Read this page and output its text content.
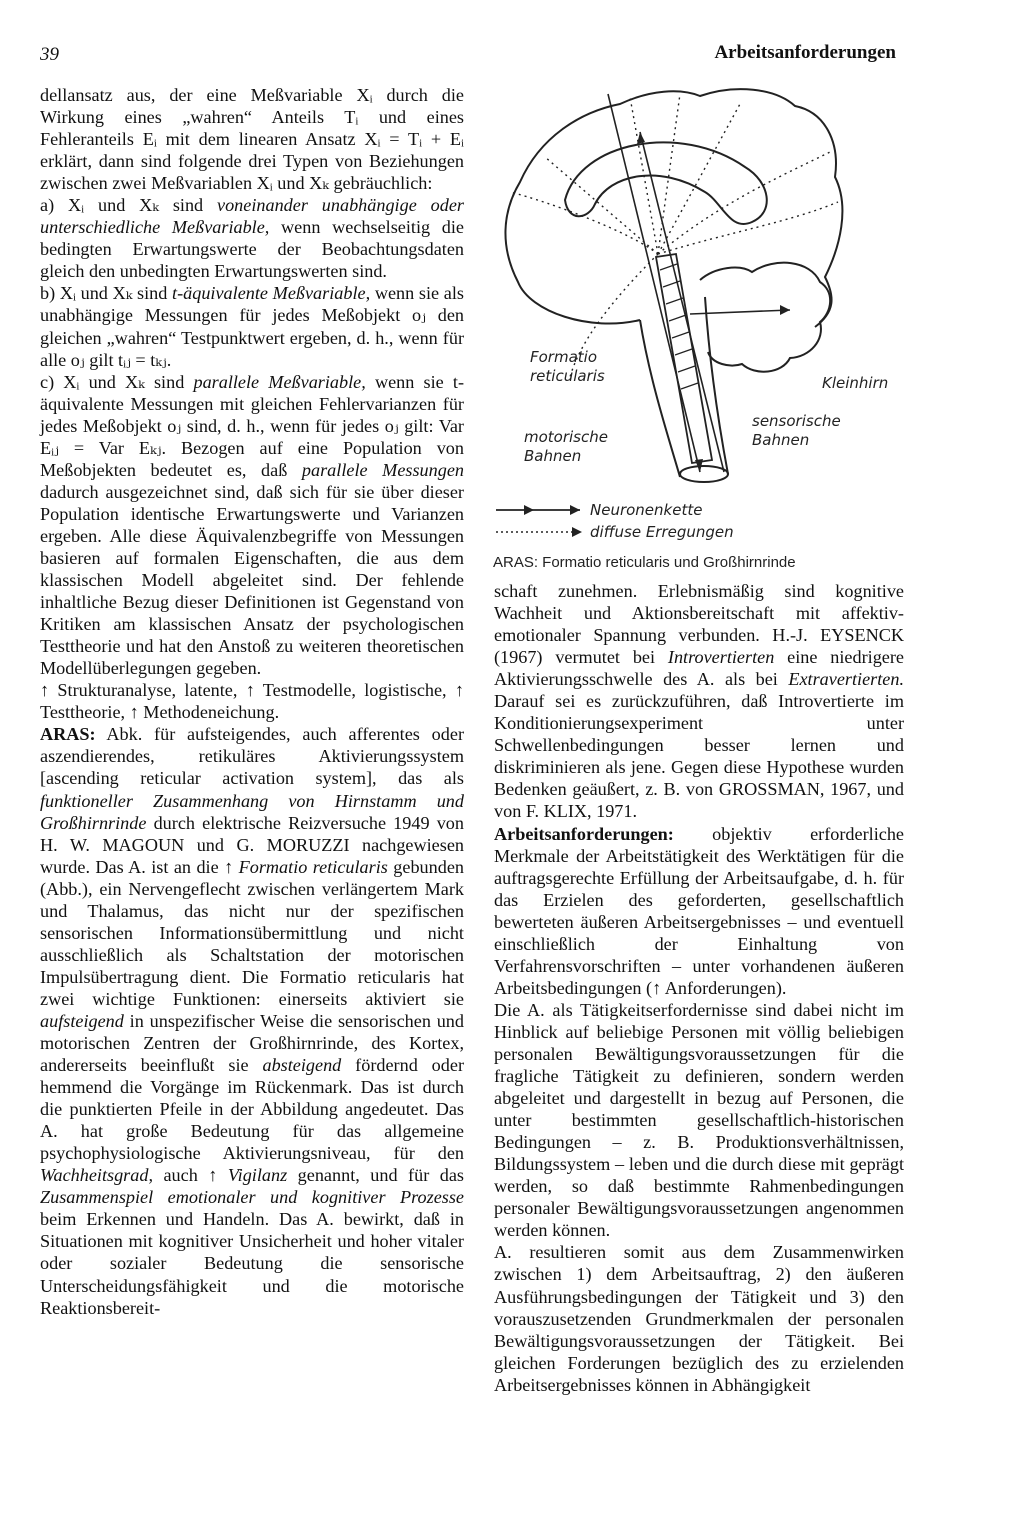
39	Arbeitsanforderungen

dellansatz aus, der eine Meßvariable Xᵢ durch die Wirkung eines „wahren“ Anteils Tᵢ und eines Fehleranteils Eᵢ mit dem linearen Ansatz Xᵢ = Tᵢ + Eᵢ erklärt, dann sind folgende drei Typen von Beziehungen zwischen zwei Meßvariablen Xᵢ und Xₖ gebräuchlich:

a) Xᵢ und Xₖ sind voneinander unabhängige oder unterschiedliche Meßvariable, wenn wechselseitig die bedingten Erwartungswerte der Beobachtungsdaten gleich den unbedingten Erwartungswerten sind.

b) Xᵢ und Xₖ sind t-äquivalente Meßvariable, wenn sie als unabhängige Messungen für jedes Meßobjekt oⱼ den gleichen „wahren“ Testpunktwert ergeben, d. h., wenn für alle oⱼ gilt tᵢⱼ = tₖⱼ.

c) Xᵢ und Xₖ sind parallele Meßvariable, wenn sie t-äquivalente Messungen mit gleichen Fehlervarianzen für jedes Meßobjekt oⱼ sind, d. h., wenn für jedes oⱼ gilt: Var Eᵢⱼ = Var Eₖⱼ. Bezogen auf eine Population von Meßobjekten bedeutet es, daß parallele Messungen dadurch ausgezeichnet sind, daß sich für sie über dieser Population identische Erwartungswerte und Varianzen ergeben. Alle diese Äquivalenzbegriffe von Messungen basieren auf formalen Eigenschaften, die aus dem klassischen Modell abgeleitet sind. Der fehlende inhaltliche Bezug dieser Definitionen ist Gegenstand von Kritiken am klassischen Ansatz der psychologischen Testtheorie und hat den Anstoß zu weiteren theoretischen Modellüberlegungen gegeben.

↑ Strukturanalyse, latente, ↑ Testmodelle, logistische, ↑ Testtheorie, ↑ Methodeneichung.

ARAS: Abk. für aufsteigendes, auch afferentes oder aszendierendes, retikuläres Aktivierungssystem [ascending reticular activation system], das als funktioneller Zusammenhang von Hirnstamm und Großhirnrinde durch elektrische Reizversuche 1949 von H. W. MAGOUN und G. MORUZZI nachgewiesen wurde. Das A. ist an die ↑ Formatio reticularis gebunden (Abb.), ein Nervengeflecht zwischen verlängertem Mark und Thalamus, das nicht nur der spezifischen sensorischen Informationsübermittlung und nicht ausschließlich als Schaltstation der motorischen Impulsübertragung dient. Die Formatio reticularis hat zwei wichtige Funktionen: einerseits aktiviert sie aufsteigend in unspezifischer Weise die sensorischen und motorischen Zentren der Großhirnrinde, des Kortex, andererseits beeinflußt sie absteigend fördernd oder hemmend die Vorgänge im Rückenmark. Das ist durch die punktierten Pfeile in der Abbildung angedeutet. Das A. hat große Bedeutung für das allgemeine psychophysiologische Aktivierungsniveau, für den Wachheitsgrad, auch ↑ Vigilanz genannt, und für das Zusammenspiel emotionaler und kognitiver Prozesse beim Erkennen und Handeln. Das A. bewirkt, daß in Situationen mit kognitiver Unsicherheit und hoher vitaler oder sozialer Bedeutung die sensorische Unterscheidungsfähigkeit und die motorische Reaktionsbereit-

Formatio reticularis	Kleinhirn
sensorische Bahnen
motorische Bahnen
Neuronenkette
diffuse Erregungen
ARAS: Formatio reticularis und Großhirnrinde

schaft zunehmen. Erlebnismäßig sind kognitive Wachheit und Aktionsbereitschaft mit affektiv-emotionaler Spannung verbunden. H.-J. EYSENCK (1967) vermutet bei Introvertierten eine niedrigere Aktivierungsschwelle des A. als bei Extravertierten. Darauf sei es zurückzuführen, daß Introvertierte im Konditionierungsexperiment unter Schwellenbedingungen besser lernen und diskriminieren als jene. Gegen diese Hypothese wurden Bedenken geäußert, z. B. von GROSSMAN, 1967, und von F. KLIX, 1971.

Arbeitsanforderungen: objektiv erforderliche Merkmale der Arbeitstätigkeit des Werktätigen für die auftragsgerechte Erfüllung der Arbeitsaufgabe, d. h. für das Erzielen des geforderten, gesellschaftlich bewerteten äußeren Arbeitsergebnisses – und eventuell einschließlich der Einhaltung von Verfahrensvorschriften – unter vorhandenen äußeren Arbeitsbedingungen (↑ Anforderungen).

Die A. als Tätigkeitserfordernisse sind dabei nicht im Hinblick auf beliebige Personen mit völlig beliebigen personalen Bewältigungsvoraussetzungen für die fragliche Tätigkeit zu definieren, sondern werden abgeleitet und dargestellt in bezug auf Personen, die unter bestimmten gesellschaftlich-historischen Bedingungen – z. B. Produktionsverhältnissen, Bildungssystem – leben und die durch diese mit geprägt werden, so daß bestimmte Rahmenbedingungen personaler Bewältigungsvoraussetzungen angenommen werden können.

A. resultieren somit aus dem Zusammenwirken zwischen 1) dem Arbeitsauftrag, 2) den äußeren Ausführungsbedingungen der Tätigkeit und 3) den vorauszusetzenden Grundmerkmalen der personalen Bewältigungsvoraussetzungen der Tätigkeit. Bei gleichen Forderungen bezüglich des zu erzielenden Arbeitsergebnisses können in Abhängigkeit
